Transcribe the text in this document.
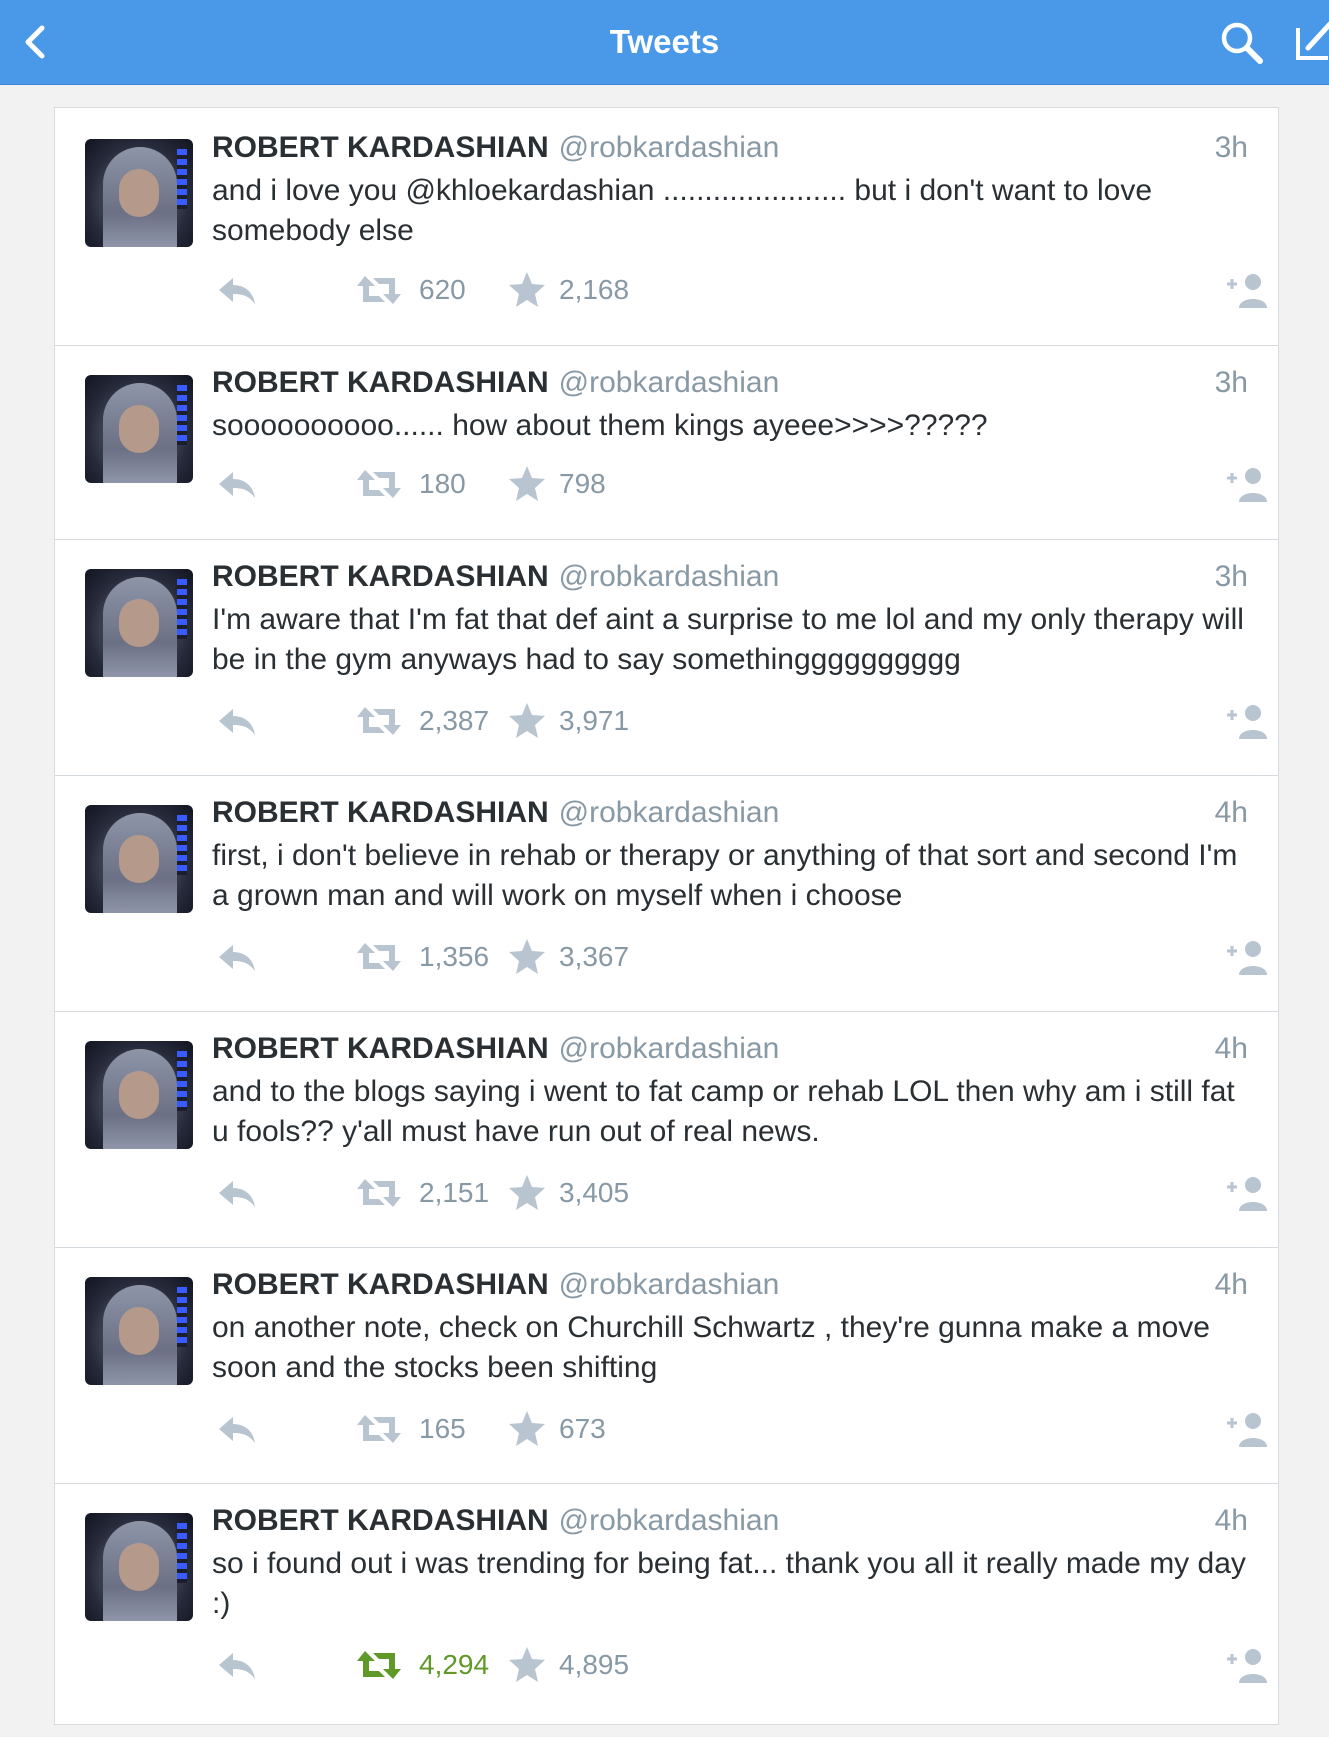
Tweets
ROBERT KARDASHIAN @robkardashian	3h
and i love you @khloekardashian ...................... but i don't want to love somebody else
620	2,168
ROBERT KARDASHIAN @robkardashian	3h
soooooooooo...... how about them kings ayeee>>>>?????
180	798
ROBERT KARDASHIAN @robkardashian	3h
I'm aware that I'm fat that def aint a surprise to me lol and my only therapy will be in the gym anyways had to say somethingggggggggg
2,387 3,971
ROBERT KARDASHIAN @robkardashian	4h
first, i don't believe in rehab or therapy or anything of that sort and second I'm a grown man and will work on myself when i choose
1,356 3,367
ROBERT KARDASHIAN @robkardashian	4h
and to the blogs saying i went to fat camp or rehab LOL then why am i still fat u fools?? y'all must have run out of real news.
2,151 3,405
ROBERT KARDASHIAN @robkardashian	4h
on another note, check on Churchill Schwartz , they're gunna make a move soon and the stocks been shifting
165	673
ROBERT KARDASHIAN @robkardashian	4h
so i found out i was trending for being fat... thank you all it really made my day :)
4,294 4,895
